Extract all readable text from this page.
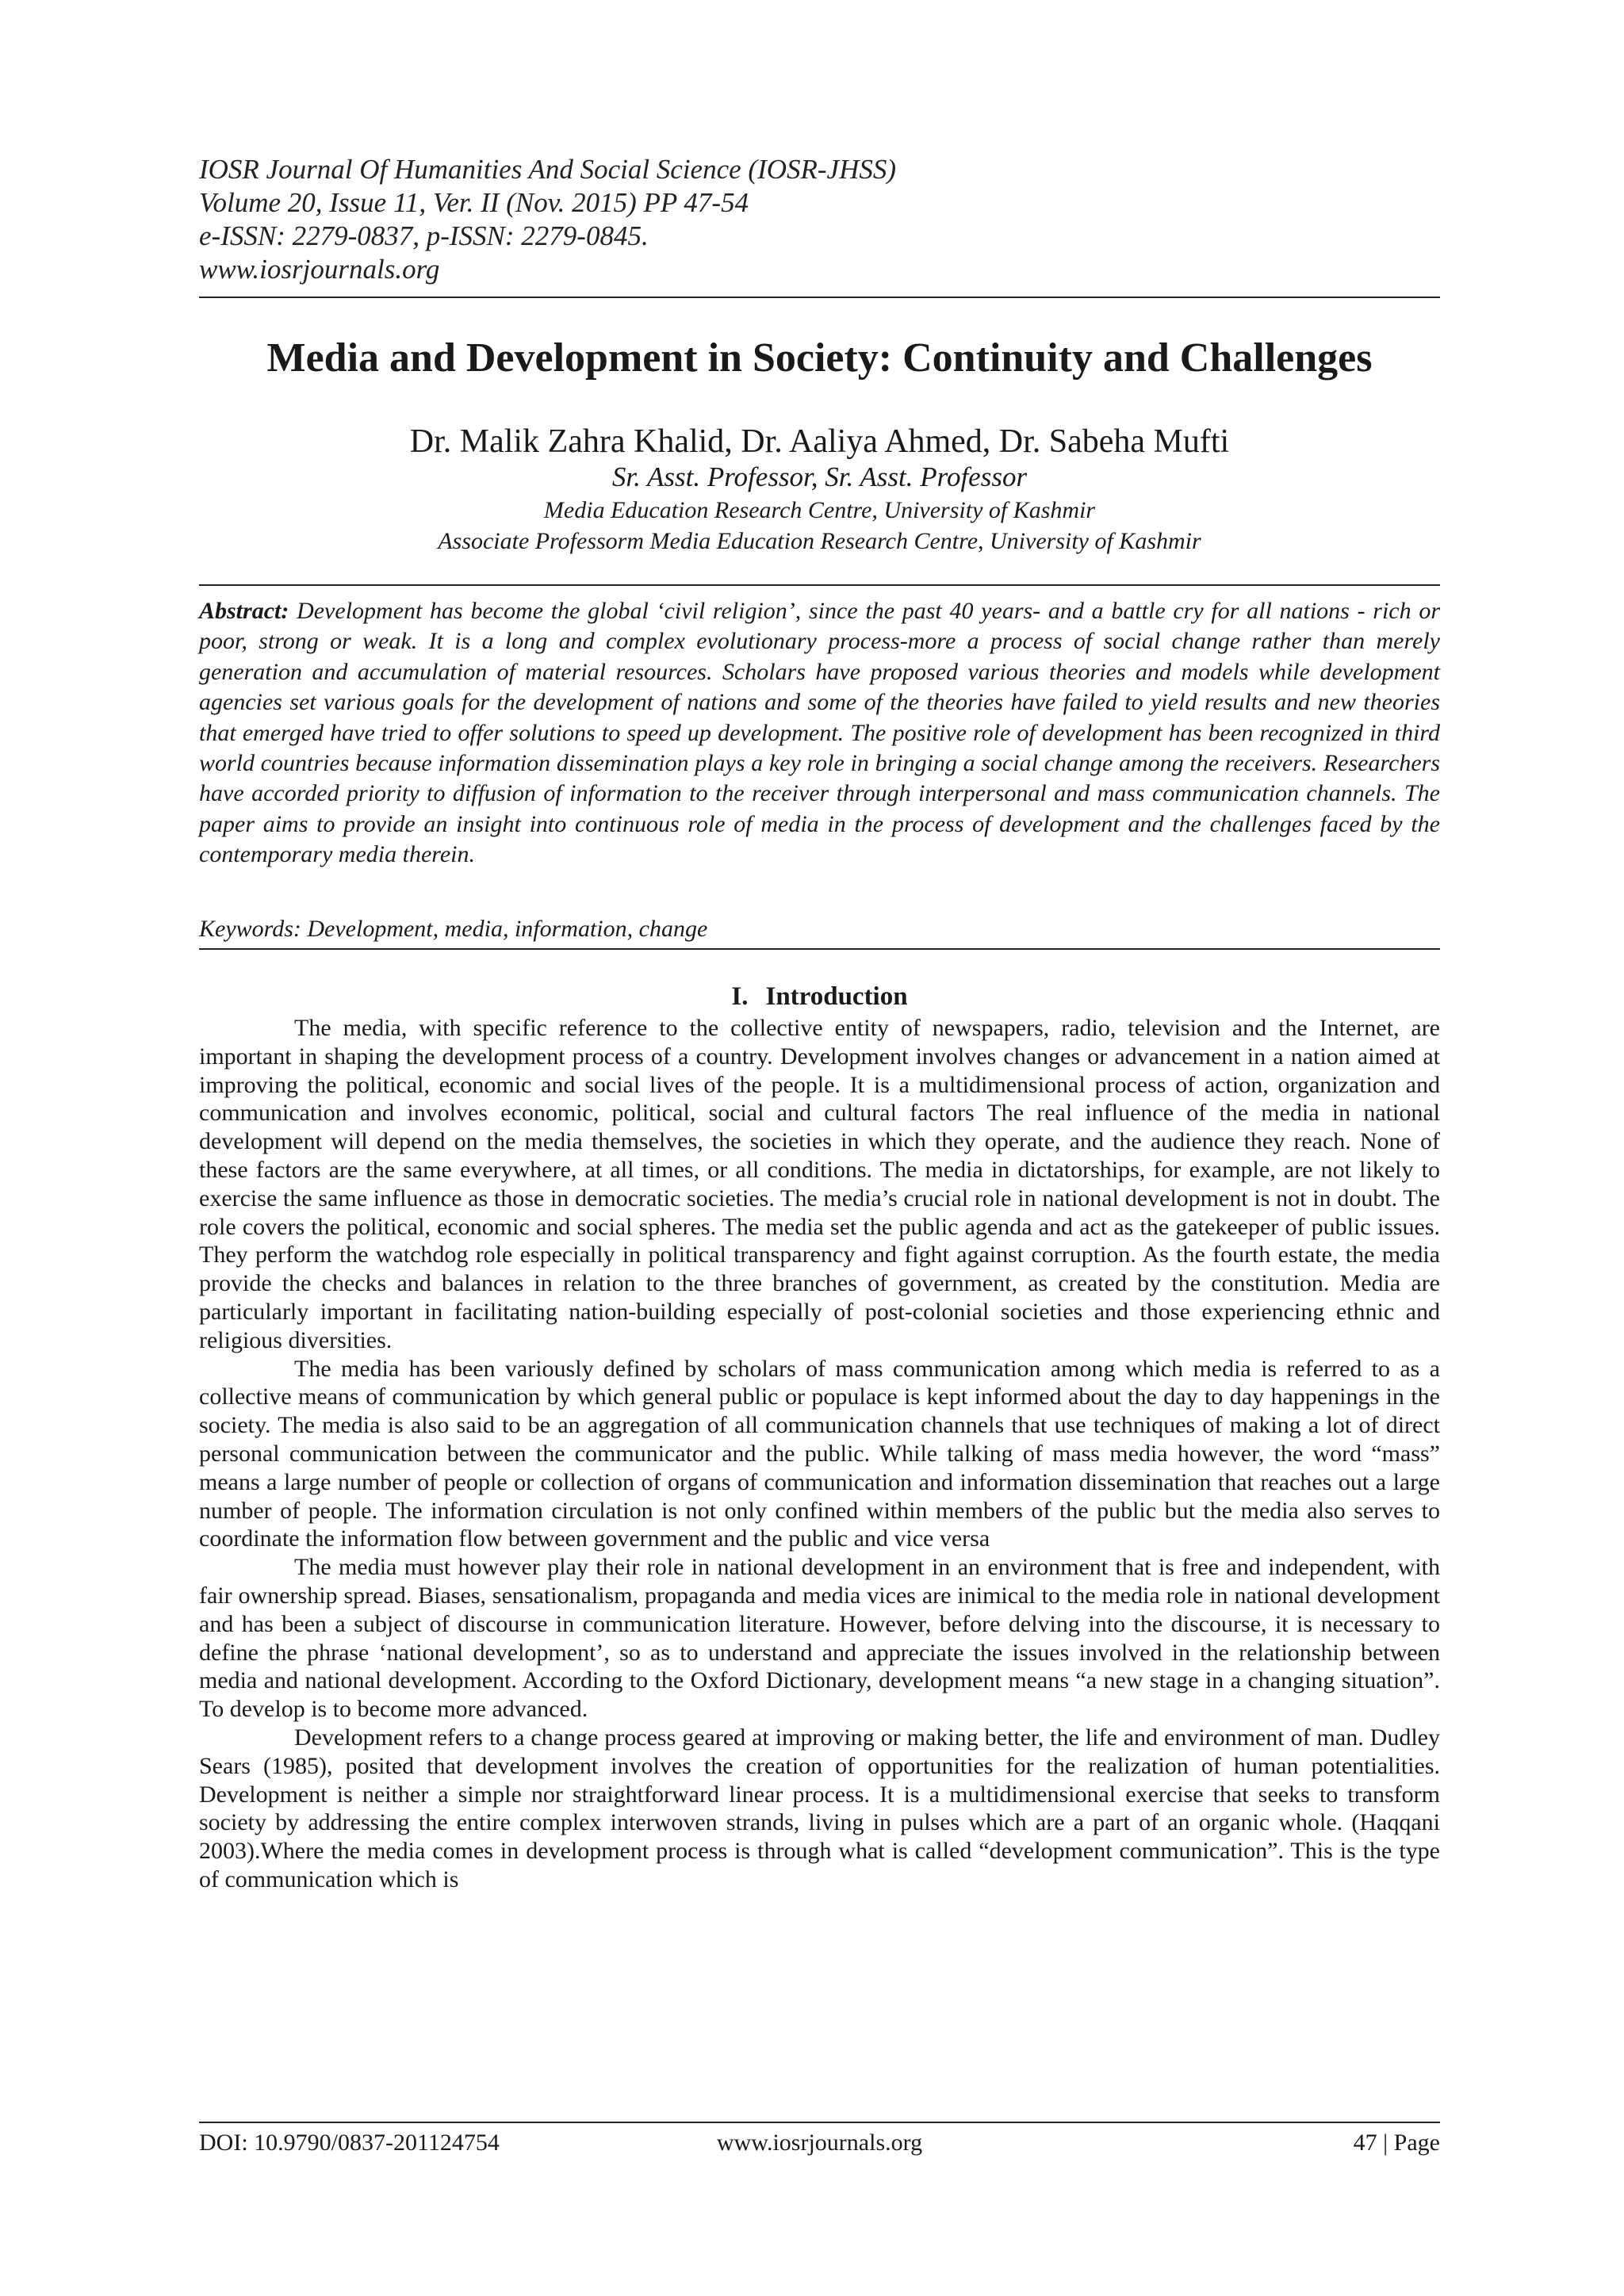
IOSR Journal Of Humanities And Social Science (IOSR-JHSS)
Volume 20, Issue 11, Ver. II (Nov. 2015) PP 47-54
e-ISSN: 2279-0837, p-ISSN: 2279-0845.
www.iosrjournals.org
Media and Development in Society: Continuity and Challenges
Dr. Malik Zahra Khalid, Dr. Aaliya Ahmed, Dr. Sabeha Mufti
Sr. Asst. Professor, Sr. Asst. Professor
Media Education Research Centre, University of Kashmir
Associate Professorm Media Education Research Centre, University of Kashmir
Abstract: Development has become the global ‘civil religion’, since the past 40 years- and a battle cry for all nations - rich or poor, strong or weak. It is a long and complex evolutionary process-more a process of social change rather than merely generation and accumulation of material resources. Scholars have proposed various theories and models while development agencies set various goals for the development of nations and some of the theories have failed to yield results and new theories that emerged have tried to offer solutions to speed up development. The positive role of development has been recognized in third world countries because information dissemination plays a key role in bringing a social change among the receivers. Researchers have accorded priority to diffusion of information to the receiver through interpersonal and mass communication channels. The paper aims to provide an insight into continuous role of media in the process of development and the challenges faced by the contemporary media therein.
Keywords: Development, media, information, change
I. Introduction

The media, with specific reference to the collective entity of newspapers, radio, television and the Internet, are important in shaping the development process of a country. Development involves changes or advancement in a nation aimed at improving the political, economic and social lives of the people. It is a multidimensional process of action, organization and communication and involves economic, political, social and cultural factors The real influence of the media in national development will depend on the media themselves, the societies in which they operate, and the audience they reach. None of these factors are the same everywhere, at all times, or all conditions. The media in dictatorships, for example, are not likely to exercise the same influence as those in democratic societies. The media’s crucial role in national development is not in doubt. The role covers the political, economic and social spheres. The media set the public agenda and act as the gatekeeper of public issues. They perform the watchdog role especially in political transparency and fight against corruption. As the fourth estate, the media provide the checks and balances in relation to the three branches of government, as created by the constitution. Media are particularly important in facilitating nation-building especially of post-colonial societies and those experiencing ethnic and religious diversities.

The media has been variously defined by scholars of mass communication among which media is referred to as a collective means of communication by which general public or populace is kept informed about the day to day happenings in the society. The media is also said to be an aggregation of all communication channels that use techniques of making a lot of direct personal communication between the communicator and the public. While talking of mass media however, the word “mass” means a large number of people or collection of organs of communication and information dissemination that reaches out a large number of people. The information circulation is not only confined within members of the public but the media also serves to coordinate the information flow between government and the public and vice versa

The media must however play their role in national development in an environment that is free and independent, with fair ownership spread. Biases, sensationalism, propaganda and media vices are inimical to the media role in national development and has been a subject of discourse in communication literature. However, before delving into the discourse, it is necessary to define the phrase ‘national development’, so as to understand and appreciate the issues involved in the relationship between media and national development. According to the Oxford Dictionary, development means “a new stage in a changing situation”. To develop is to become more advanced.

Development refers to a change process geared at improving or making better, the life and environment of man. Dudley Sears (1985), posited that development involves the creation of opportunities for the realization of human potentialities. Development is neither a simple nor straightforward linear process. It is a multidimensional exercise that seeks to transform society by addressing the entire complex interwoven strands, living in pulses which are a part of an organic whole. (Haqqani 2003).Where the media comes in development process is through what is called “development communication”. This is the type of communication which is

DOI: 10.9790/0837-201124754	www.iosrjournals.org	47 | Page
